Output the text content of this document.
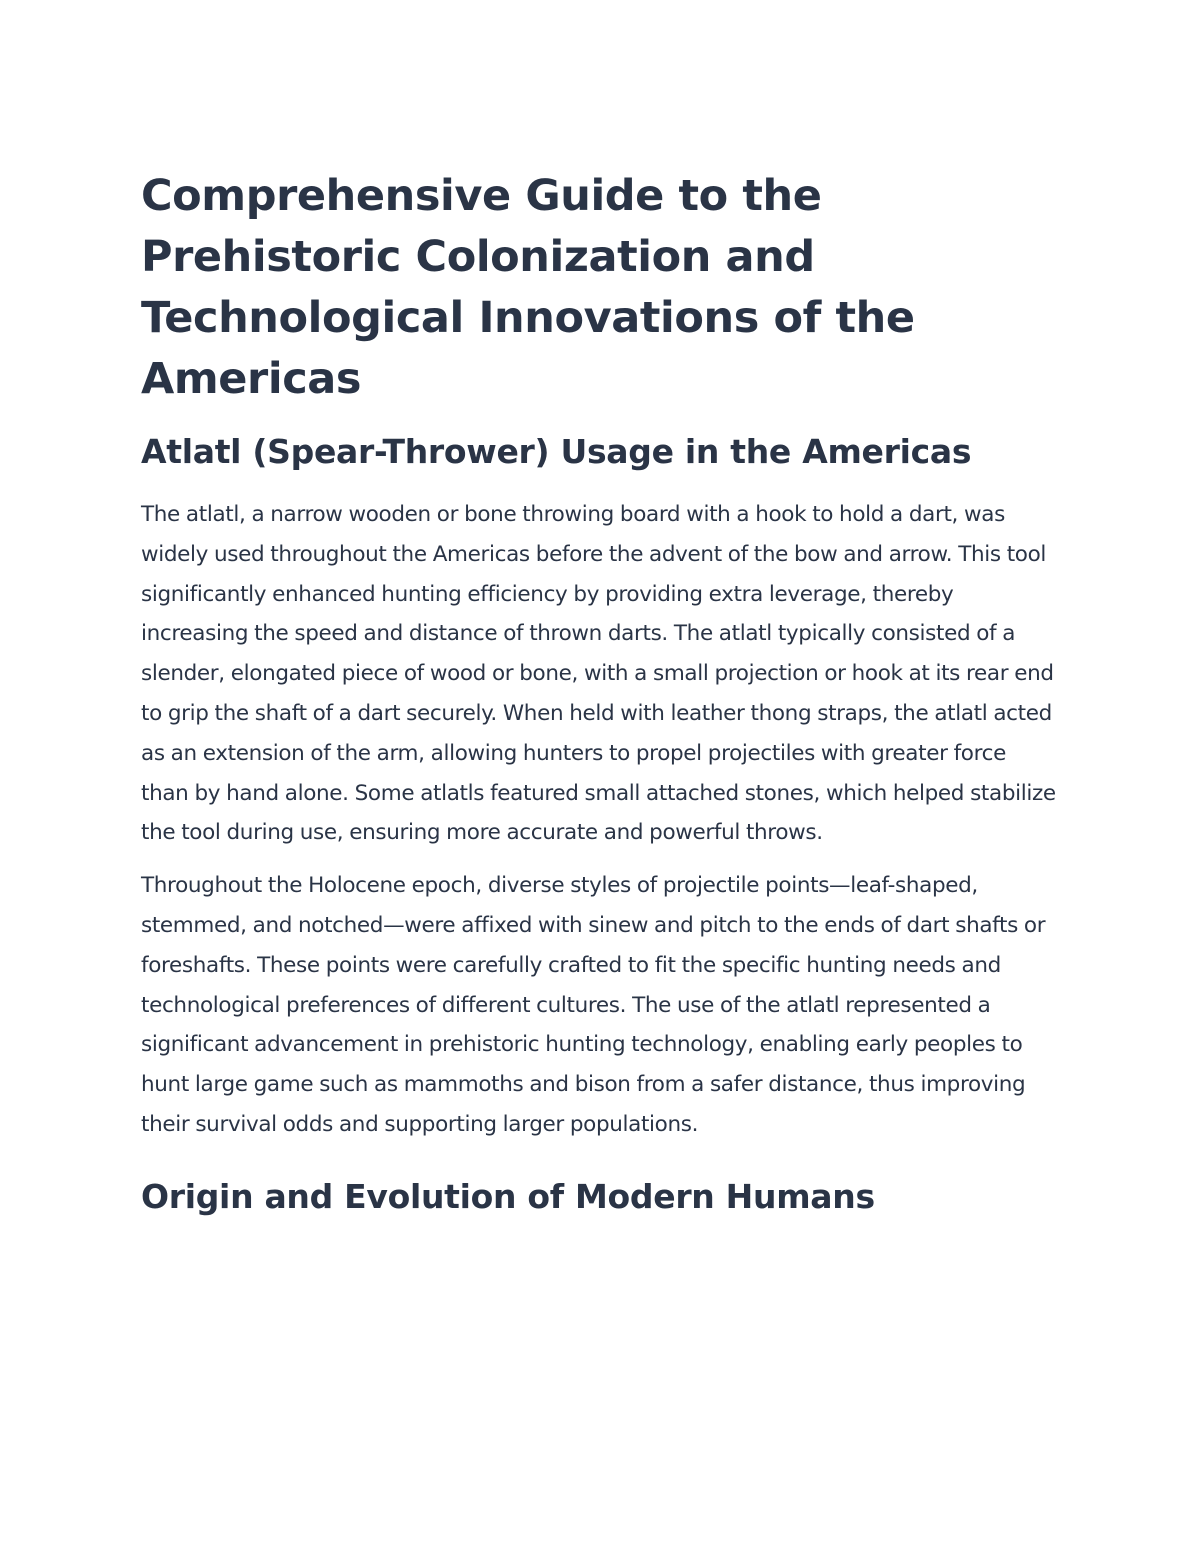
Comprehensive Guide to the Prehistoric Colonization and Technological Innovations of the Americas
Atlatl (Spear-Thrower) Usage in the Americas

The atlatl, a narrow wooden or bone throwing board with a hook to hold a dart, was widely used throughout the Americas before the advent of the bow and arrow. This tool significantly enhanced hunting efficiency by providing extra leverage, thereby increasing the speed and distance of thrown darts. The atlatl typically consisted of a slender, elongated piece of wood or bone, with a small projection or hook at its rear end to grip the shaft of a dart securely. When held with leather thong straps, the atlatl acted as an extension of the arm, allowing hunters to propel projectiles with greater force than by hand alone. Some atlatls featured small attached stones, which helped stabilize the tool during use, ensuring more accurate and powerful throws.

Throughout the Holocene epoch, diverse styles of projectile points—leaf-shaped, stemmed, and notched—were affixed with sinew and pitch to the ends of dart shafts or foreshafts. These points were carefully crafted to fit the specific hunting needs and technological preferences of different cultures. The use of the atlatl represented a significant advancement in prehistoric hunting technology, enabling early peoples to hunt large game such as mammoths and bison from a safer distance, thus improving their survival odds and supporting larger populations.

Origin and Evolution of Modern Humans
